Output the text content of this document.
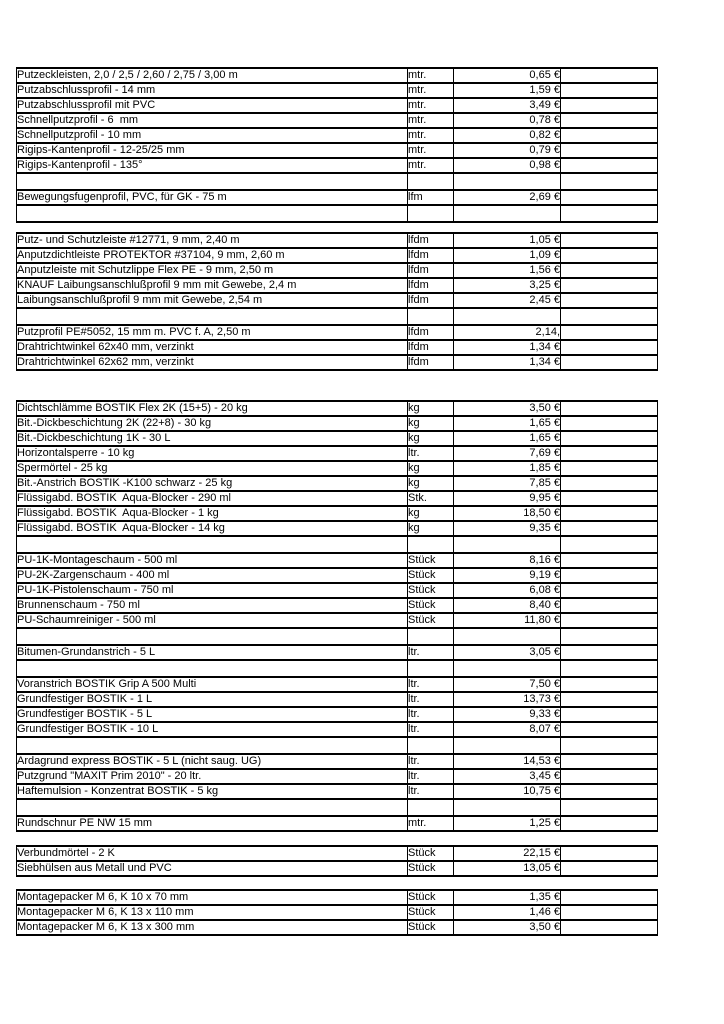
Putzeckleisten, 2,0 / 2,5 / 2,60 / 2,75 / 3,00 m	mtr.	0,65 €	
Putzabschlussprofil - 14 mm	mtr.	1,59 €	
Putzabschlussprofil mit PVC	mtr.	3,49 €	
Schnellputzprofil - 6  mm	mtr.	0,78 €	
Schnellputzprofil - 10 mm	mtr.	0,82 €	
Rigips-Kantenprofil - 12-25/25 mm	mtr.	0,79 €	
Rigips-Kantenprofil - 135°	mtr.	0,98 €	

Bewegungsfugenprofil, PVC, für GK - 75 m	lfm	2,69 €	

Putz- und Schutzleiste #12771, 9 mm, 2,40 m	lfdm	1,05 €	
Anputzdichtleiste PROTEKTOR #37104, 9 mm, 2,60 m	lfdm	1,09 €	
Anputzleiste mit Schutzlippe Flex PE - 9 mm, 2,50 m	lfdm	1,56 €	
KNAUF Laibungsanschlußprofil 9 mm mit Gewebe, 2,4 m	lfdm	3,25 €	
Laibungsanschlußprofil 9 mm mit Gewebe, 2,54 m	lfdm	2,45 €	

Putzprofil PE#5052, 15 mm m. PVC f. A, 2,50 m	lfdm	2,14,	
Drahtrichtwinkel 62x40 mm, verzinkt	lfdm	1,34 €	
Drahtrichtwinkel 62x62 mm, verzinkt	lfdm	1,34 €	
Dichtschlämme BOSTIK Flex 2K (15+5) - 20 kg	kg	3,50 €	
Bit.-Dickbeschichtung 2K (22+8) - 30 kg	kg	1,65 €	
Bit.-Dickbeschichtung 1K - 30 L	kg	1,65 €	
Horizontalsperre - 10 kg	ltr.	7,69 €	
Spermörtel - 25 kg	kg	1,85 €	
Bit.-Anstrich BOSTIK -K100 schwarz - 25 kg	kg	7,85 €	
Flüssigabd. BOSTIK  Aqua-Blocker - 290 ml	Stk.	9,95 €	
Flüssigabd. BOSTIK  Aqua-Blocker - 1 kg	kg	18,50 €	
Flüssigabd. BOSTIK  Aqua-Blocker - 14 kg	kg	9,35 €	

PU-1K-Montageschaum - 500 ml	Stück	8,16 €	
PU-2K-Zargenschaum - 400 ml	Stück	9,19 €	
PU-1K-Pistolenschaum - 750 ml	Stück	6,08 €	
Brunnenschaum - 750 ml	Stück	8,40 €	
PU-Schaumreiniger - 500 ml	Stück	11,80 €	

Bitumen-Grundanstrich - 5 L	ltr.	3,05 €	

Voranstrich BOSTIK Grip A 500 Multi	ltr.	7,50 €	
Grundfestiger BOSTIK - 1 L	ltr.	13,73 €	
Grundfestiger BOSTIK - 5 L	ltr.	9,33 €	
Grundfestiger BOSTIK - 10 L	ltr.	8,07 €	

Ardagrund express BOSTIK - 5 L (nicht saug. UG)	ltr.	14,53 €	
Putzgrund "MAXIT Prim 2010" - 20 ltr.	ltr.	3,45 €	
Haftemulsion - Konzentrat BOSTIK - 5 kg	ltr.	10,75 €	

Rundschnur PE NW 15 mm	mtr.	1,25 €	
Verbundmörtel - 2 K	Stück	22,15 €	
Siebhülsen aus Metall und PVC	Stück	13,05 €	
Montagepacker M 6, K 10 x 70 mm	Stück	1,35 €	
Montagepacker M 6, K 13 x 110 mm	Stück	1,46 €	
Montagepacker M 6, K 13 x 300 mm	Stück	3,50 €	
